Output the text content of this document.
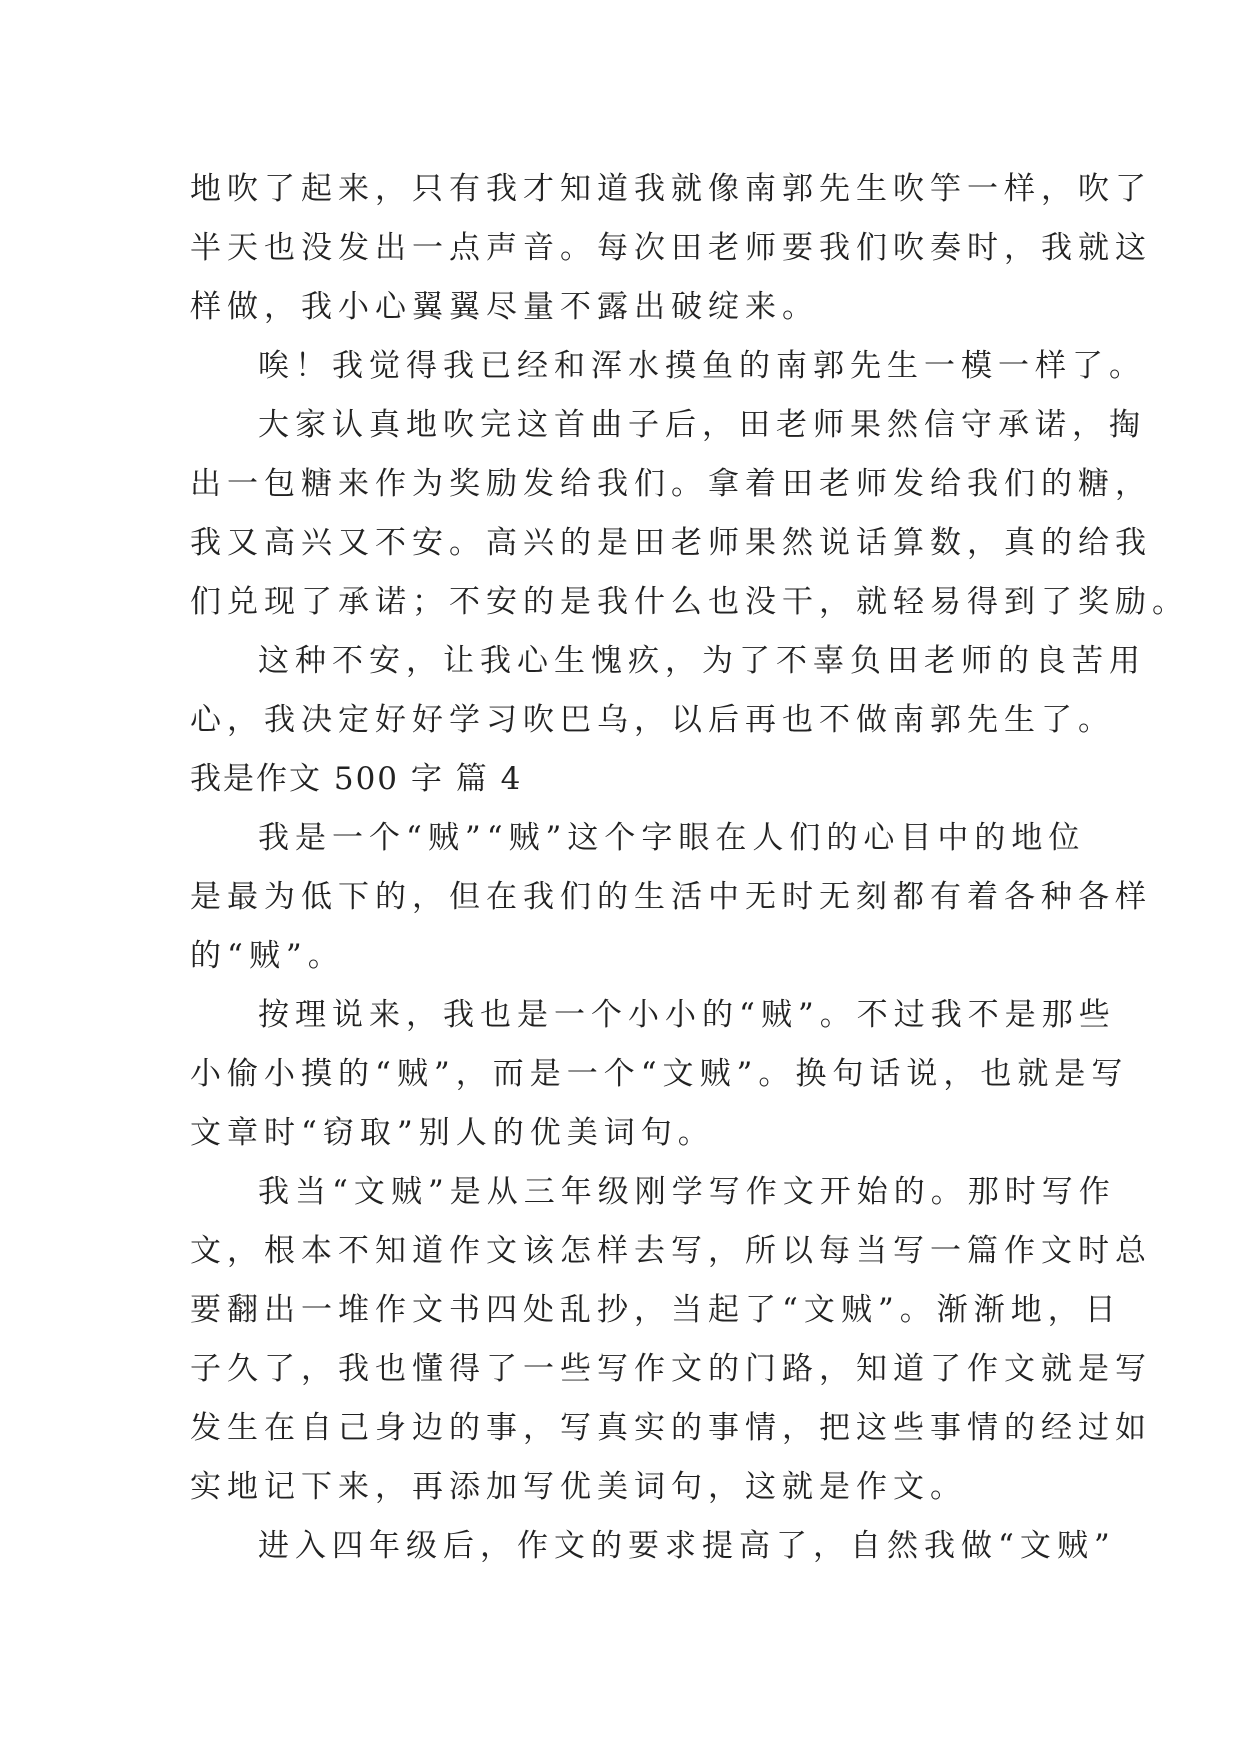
地吹了起来，只有我才知道我就像南郭先生吹竽一样，吹了
半天也没发出一点声音。每次田老师要我们吹奏时，我就这
样做，我小心翼翼尽量不露出破绽来。
唉！我觉得我已经和浑水摸鱼的南郭先生一模一样了。
大家认真地吹完这首曲子后，田老师果然信守承诺，掏
出一包糖来作为奖励发给我们。拿着田老师发给我们的糖，
我又高兴又不安。高兴的是田老师果然说话算数，真的给我
们兑现了承诺；不安的是我什么也没干，就轻易得到了奖励。
这种不安，让我心生愧疚，为了不辜负田老师的良苦用
心，我决定好好学习吹巴乌，以后再也不做南郭先生了。
我是作文 500 字 篇 4
我是一个“贼”“贼”这个字眼在人们的心目中的地位
是最为低下的，但在我们的生活中无时无刻都有着各种各样
的“贼”。
按理说来，我也是一个小小的“贼”。不过我不是那些
小偷小摸的“贼”，而是一个“文贼”。换句话说，也就是写
文章时“窃取”别人的优美词句。
我当“文贼”是从三年级刚学写作文开始的。那时写作
文，根本不知道作文该怎样去写，所以每当写一篇作文时总
要翻出一堆作文书四处乱抄，当起了“文贼”。渐渐地，日
子久了，我也懂得了一些写作文的门路，知道了作文就是写
发生在自己身边的事，写真实的事情，把这些事情的经过如
实地记下来，再添加写优美词句，这就是作文。
进入四年级后，作文的要求提高了，自然我做“文贼”
